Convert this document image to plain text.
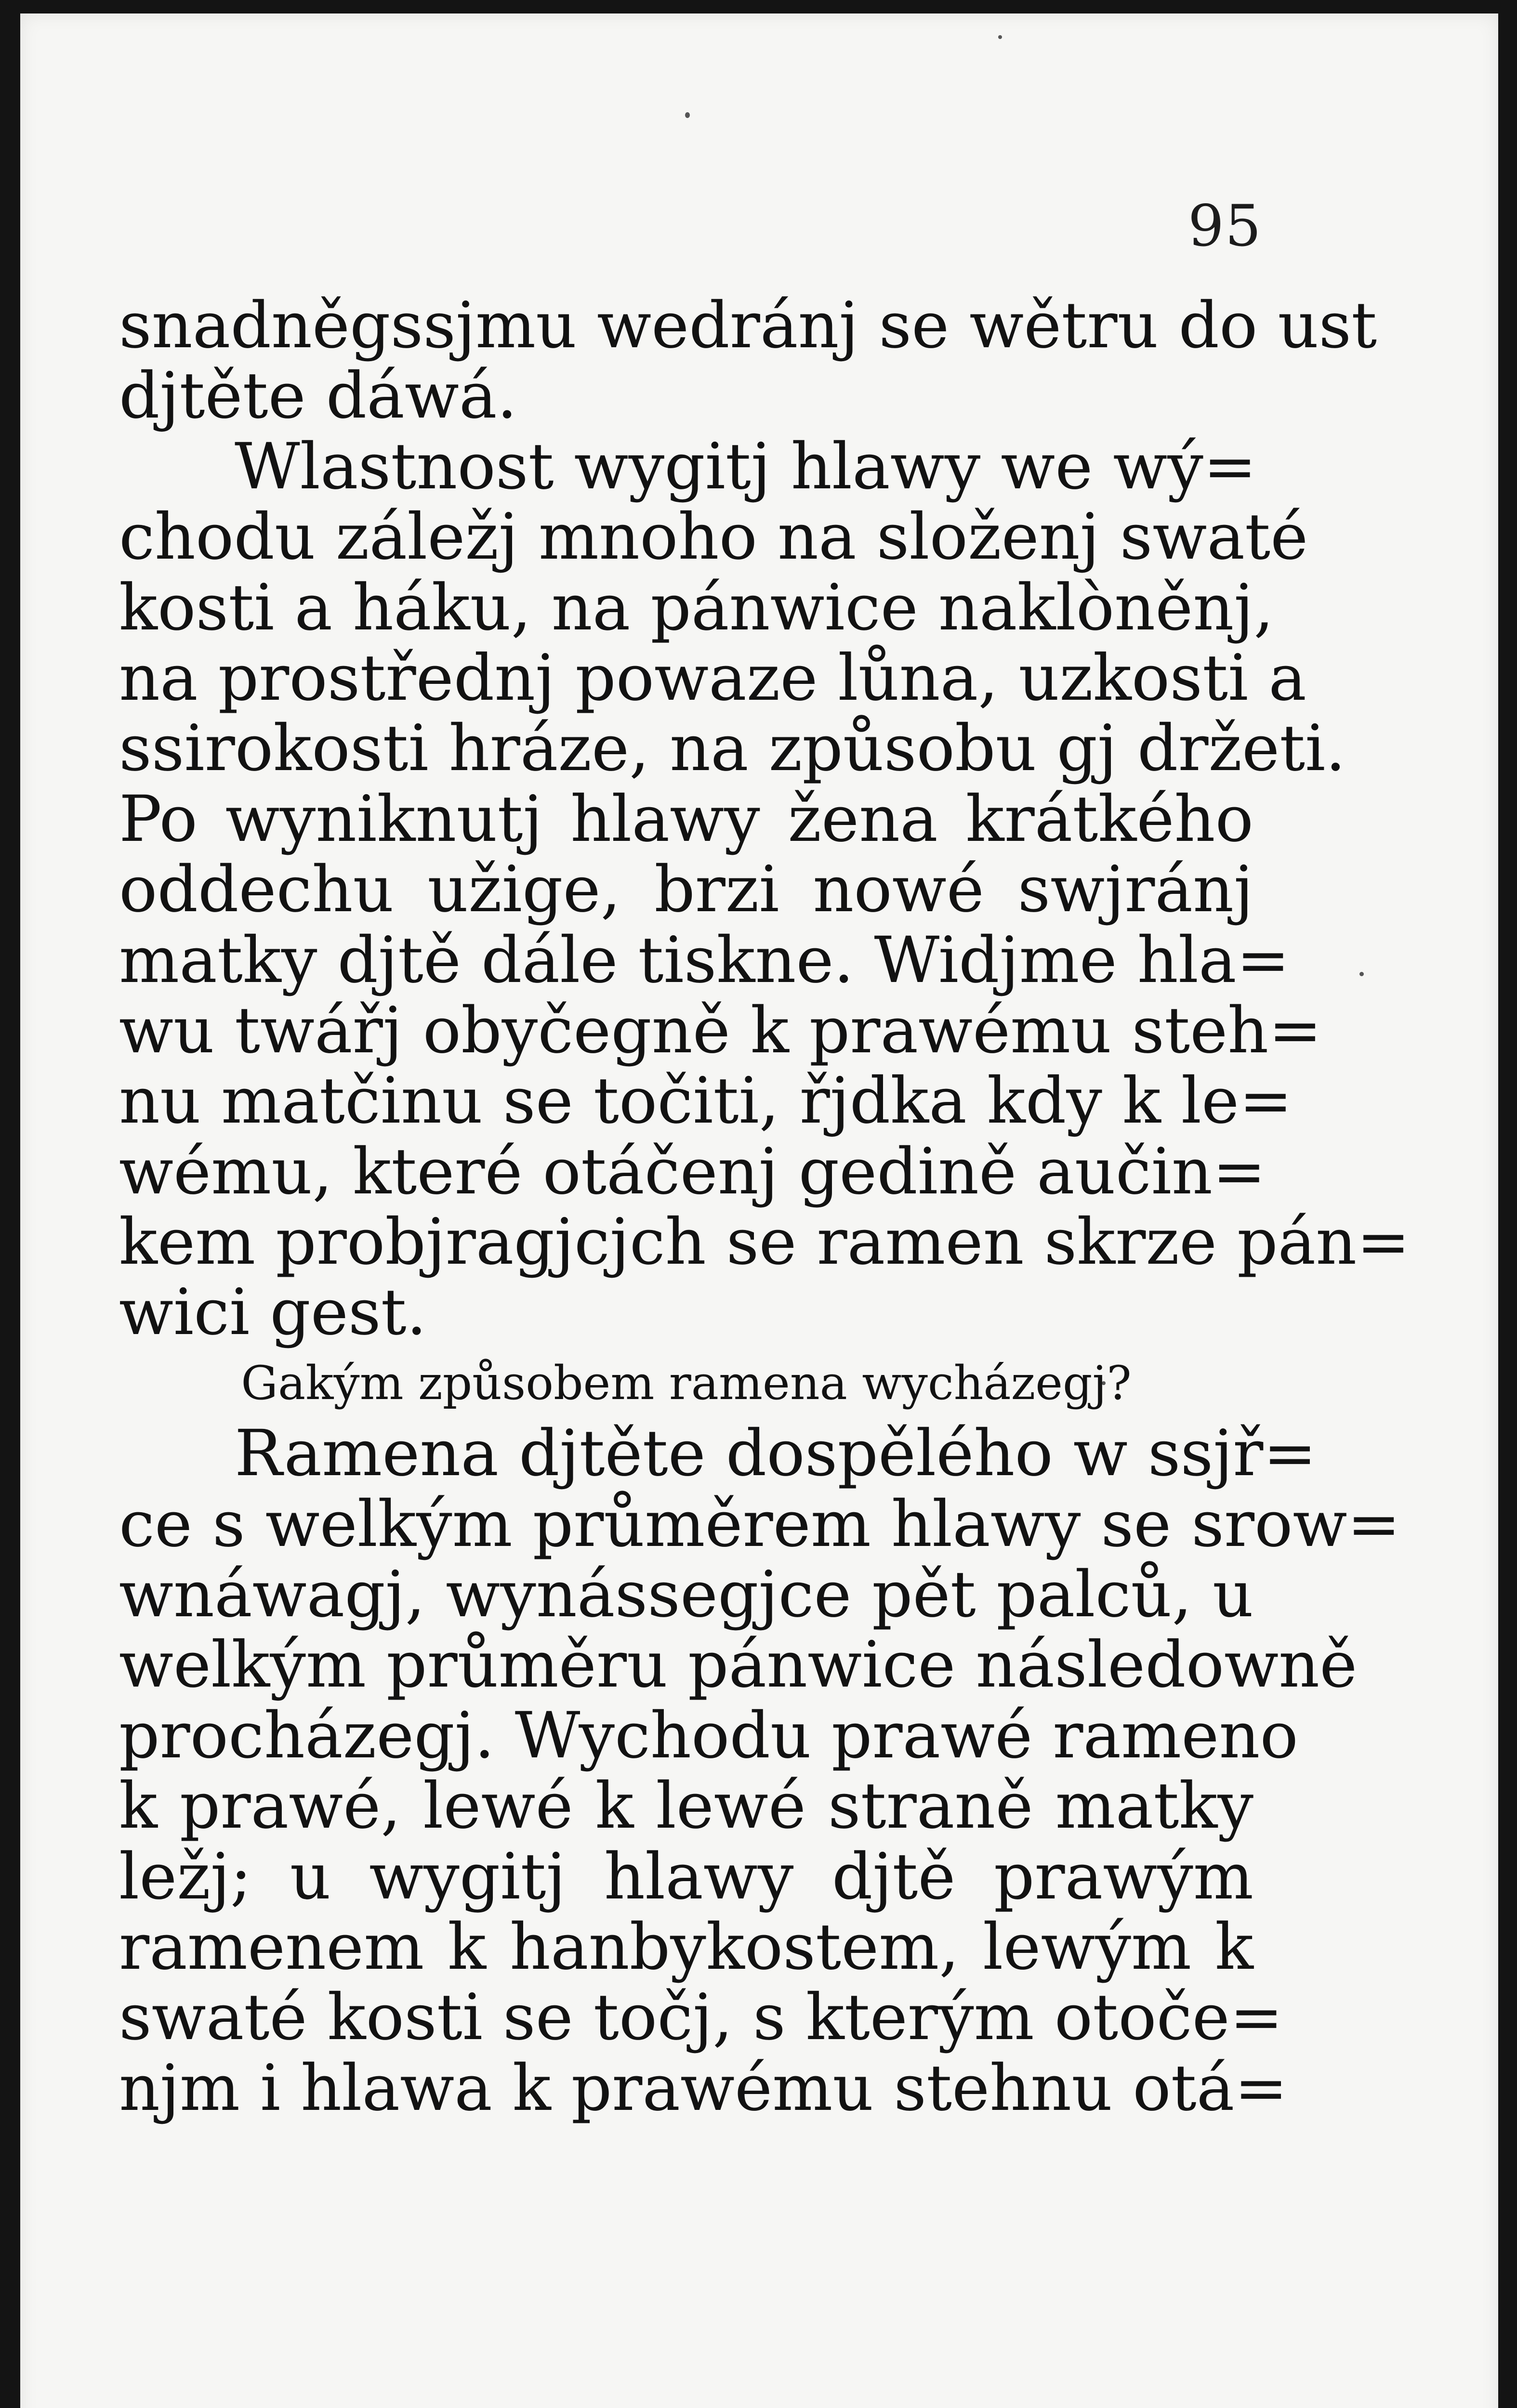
95
snadněgssjmu wedránj se wětru do ust
djtěte dáwá.
Wlastnost wygitj hlawy we wý=
chodu záležj mnoho na složenj swaté
kosti a háku, na pánwice naklòněnj,
na prostřednj powaze lůna, uzkosti a
ssirokosti hráze, na způsobu gj držeti.
Po wyniknutj hlawy žena krátkého
oddechu užige, brzi nowé swjránj
matky djtě dále tiskne. Widjme hla=
wu twářj obyčegně k prawému steh=
nu matčinu se točiti, řjdka kdy k le=
wému, které otáčenj gedině aučin=
kem probjragjcjch se ramen skrze pán=
wici gest.
Gakým způsobem ramena wycházegj?
Ramena djtěte dospělého w ssjř=
ce s welkým průměrem hlawy se srow=
wnáwagj, wynássegjce pět palců, u
welkým průměru pánwice následowně
procházegj. Wychodu prawé rameno
k prawé, lewé k lewé straně matky
ležj; u wygitj hlawy djtě prawým
ramenem k hanbykostem, lewým k
swaté kosti se točj, s kterým otoče=
njm i hlawa k prawému stehnu otá=
